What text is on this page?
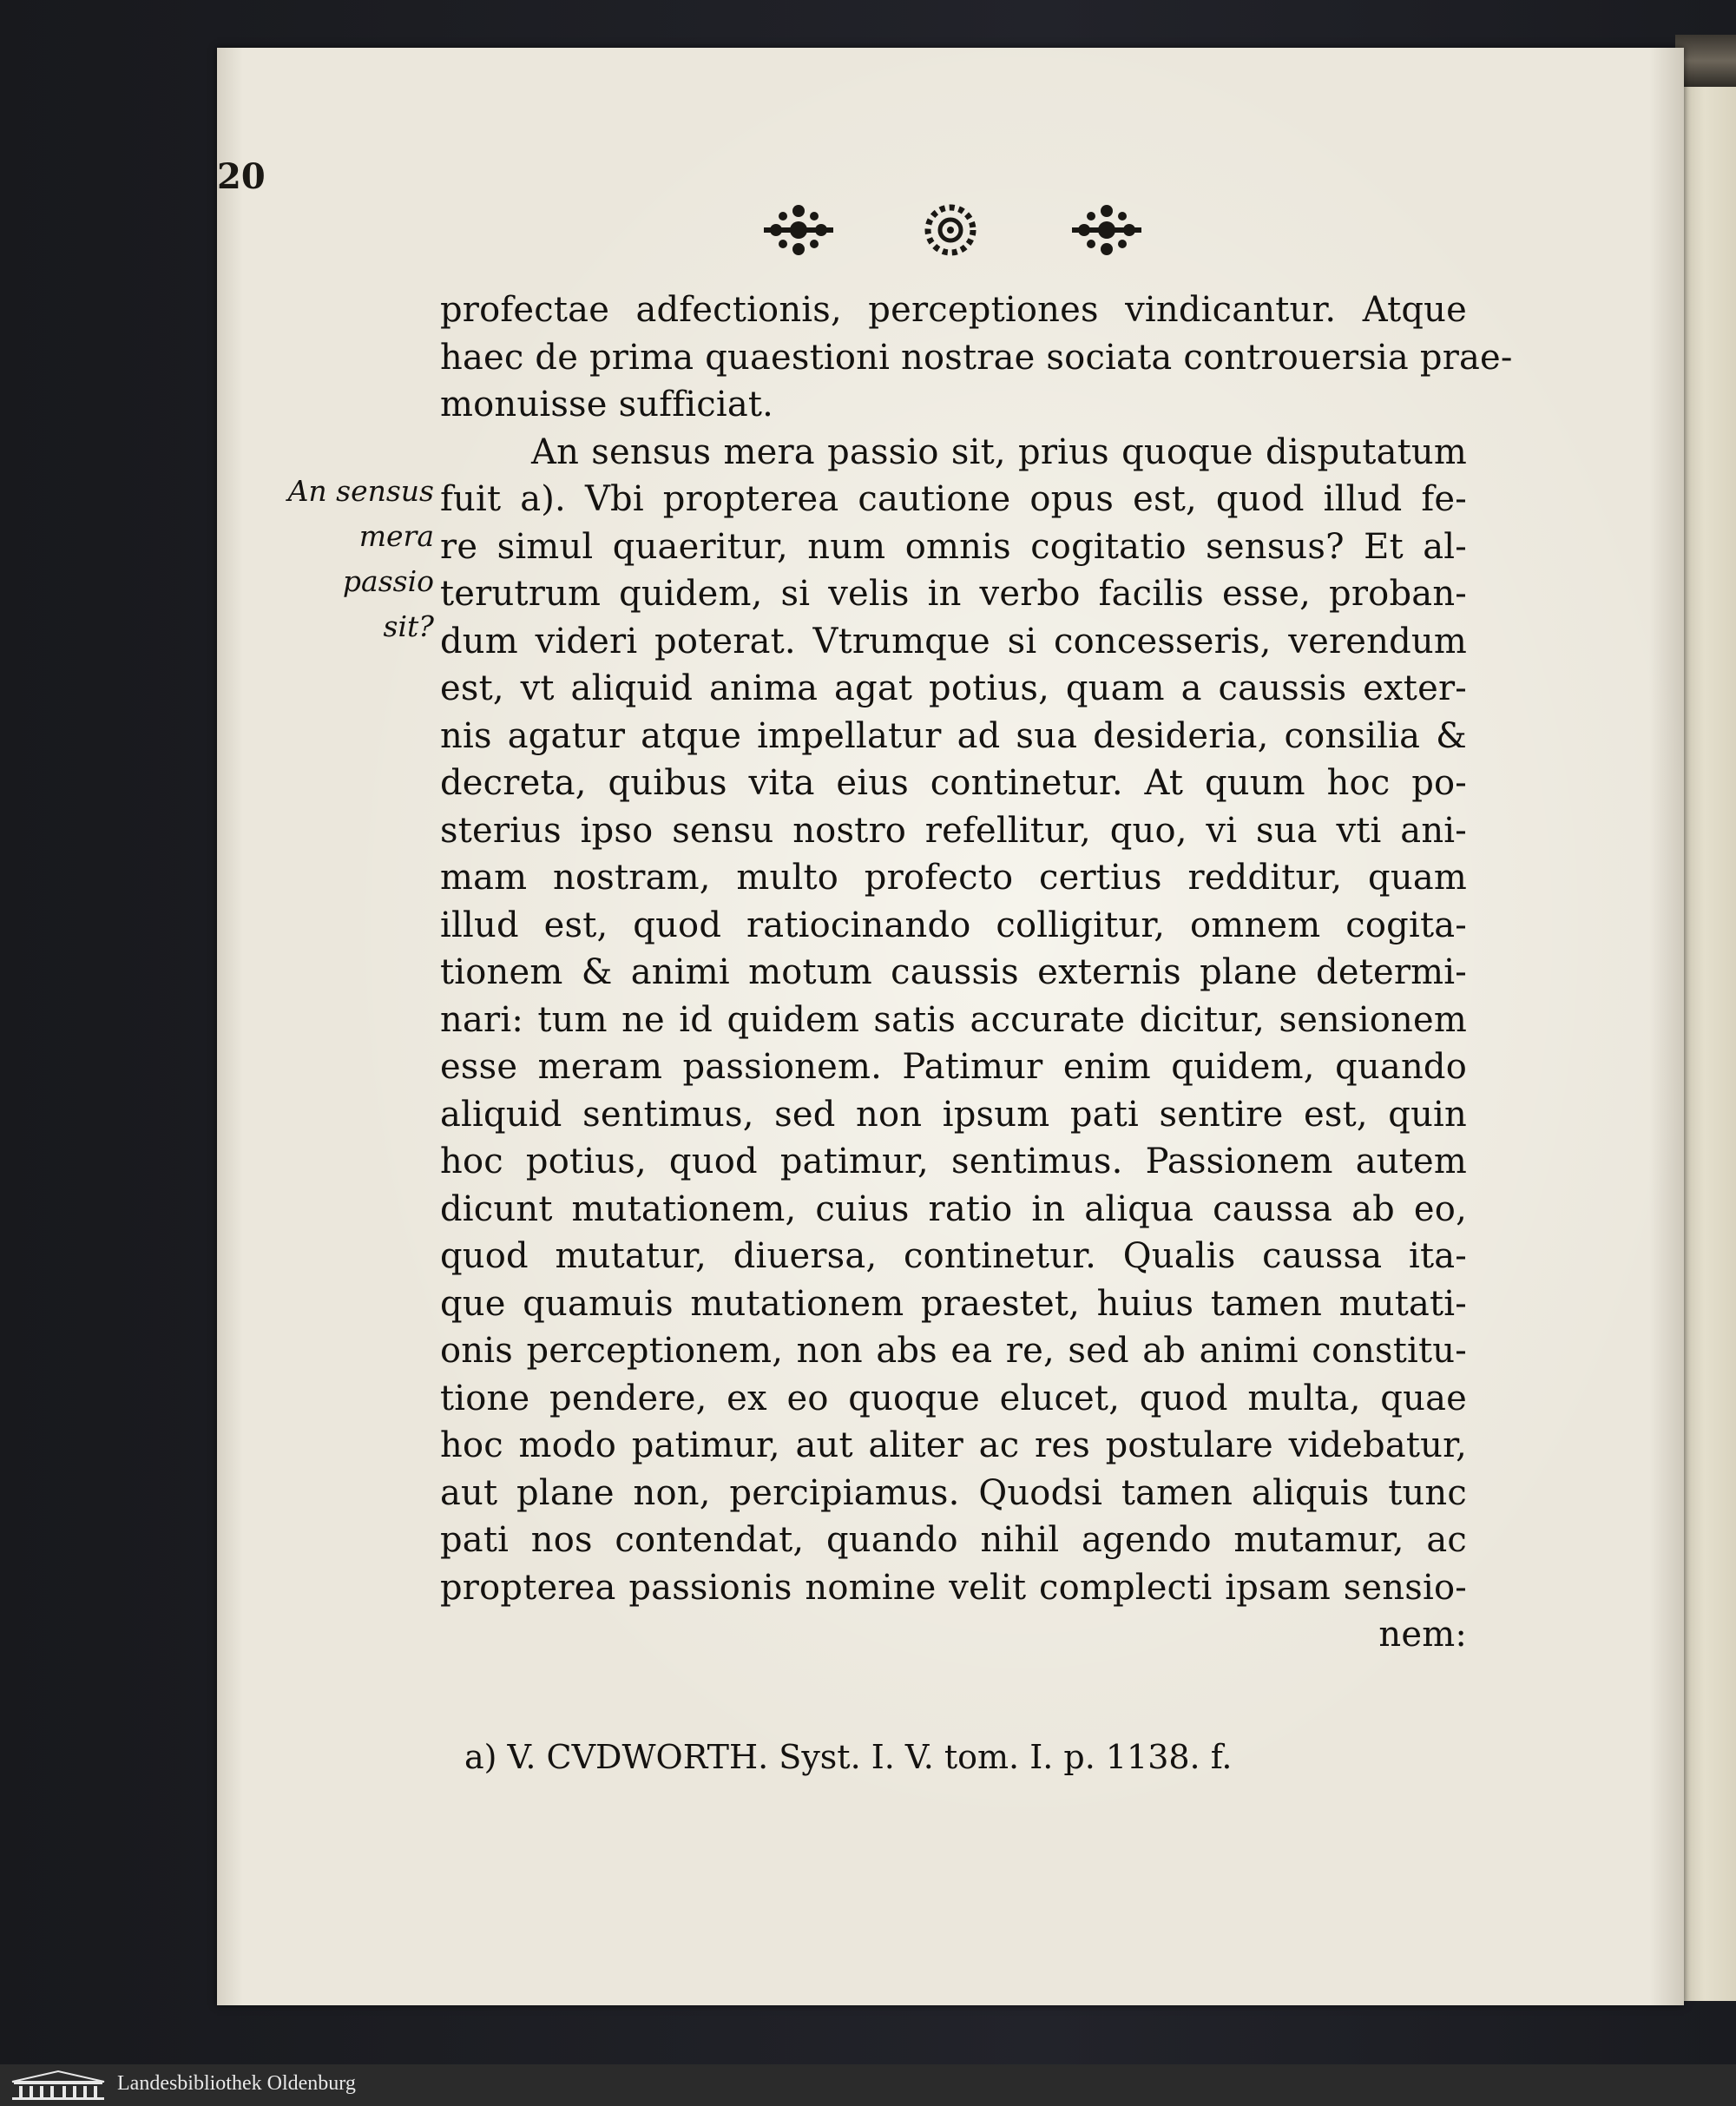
20
An sensus
mera
passio sit?
profectae adfectionis, perceptiones vindicantur. Atque
haec de prima quaestioni nostrae sociata controuersia prae-
monuisse sufficiat.
An sensus mera passio sit, prius quoque disputatum
fuit a). Vbi propterea cautione opus est, quod illud fe-
re simul quaeritur, num omnis cogitatio sensus? Et al-
terutrum quidem, si velis in verbo facilis esse, proban-
dum videri poterat. Vtrumque si concesseris, verendum
est, vt aliquid anima agat potius, quam a caussis exter-
nis agatur atque impellatur ad sua desideria, consilia &
decreta, quibus vita eius continetur. At quum hoc po-
sterius ipso sensu nostro refellitur, quo, vi sua vti ani-
mam nostram, multo profecto certius redditur, quam
illud est, quod ratiocinando colligitur, omnem cogita-
tionem & animi motum caussis externis plane determi-
nari: tum ne id quidem satis accurate dicitur, sensionem
esse meram passionem. Patimur enim quidem, quando
aliquid sentimus, sed non ipsum pati sentire est, quin
hoc potius, quod patimur, sentimus. Passionem autem
dicunt mutationem, cuius ratio in aliqua caussa ab eo,
quod mutatur, diuersa, continetur. Qualis caussa ita-
que quamuis mutationem praestet, huius tamen mutati-
onis perceptionem, non abs ea re, sed ab animi constitu-
tione pendere, ex eo quoque elucet, quod multa, quae
hoc modo patimur, aut aliter ac res postulare videbatur,
aut plane non, percipiamus. Quodsi tamen aliquis tunc
pati nos contendat, quando nihil agendo mutamur, ac
propterea passionis nomine velit complecti ipsam sensio-
nem:
a) V. CVDWORTH. Syst. I. V. tom. I. p. 1138. f.
Landesbibliothek Oldenburg
